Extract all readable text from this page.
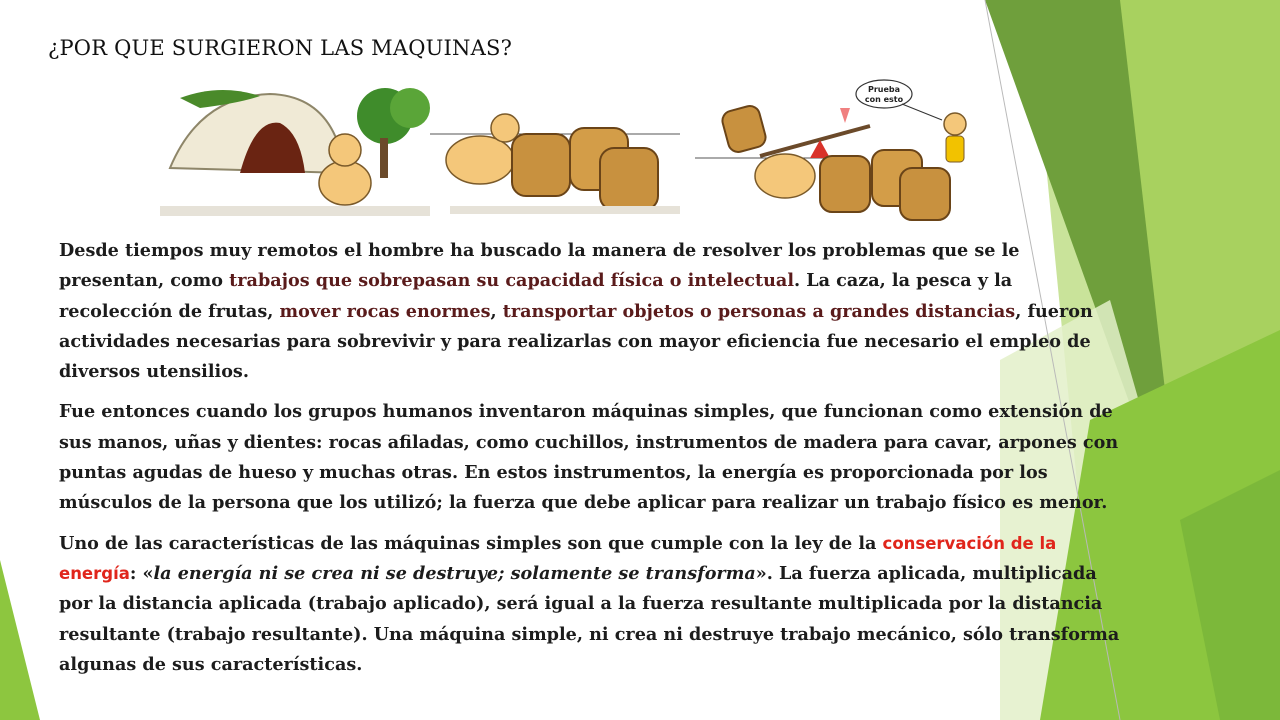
¿POR QUE SURGIERON LAS MAQUINAS?
Prueba
con esto

Desde tiempos muy remotos el hombre ha buscado la manera de resolver los problemas que se le presentan, como trabajos que sobrepasan su capacidad física o intelectual. La caza, la pesca y la recolección de frutas, mover rocas enormes, transportar objetos o personas a grandes distancias, fueron actividades necesarias para sobrevivir y para realizarlas con mayor eficiencia fue necesario el empleo de diversos utensilios.

Fue entonces cuando los grupos humanos inventaron máquinas simples, que funcionan como extensión de sus manos, uñas y dientes: rocas afiladas, como cuchillos, instrumentos de madera para cavar, arpones con puntas agudas de hueso y muchas otras. En estos instrumentos, la energía es proporcionada por los músculos de la persona que los utilizó; la fuerza que debe aplicar para realizar un trabajo físico es menor.

Uno de las características de las máquinas simples son que cumple con la ley de la conservación de la energía: «la energía ni se crea ni se destruye; solamente se transforma». La fuerza aplicada, multiplicada por la distancia aplicada (trabajo aplicado), será igual a la fuerza resultante multiplicada por la distancia resultante (trabajo resultante). Una máquina simple, ni crea ni destruye trabajo mecánico, sólo transforma algunas de sus características.
